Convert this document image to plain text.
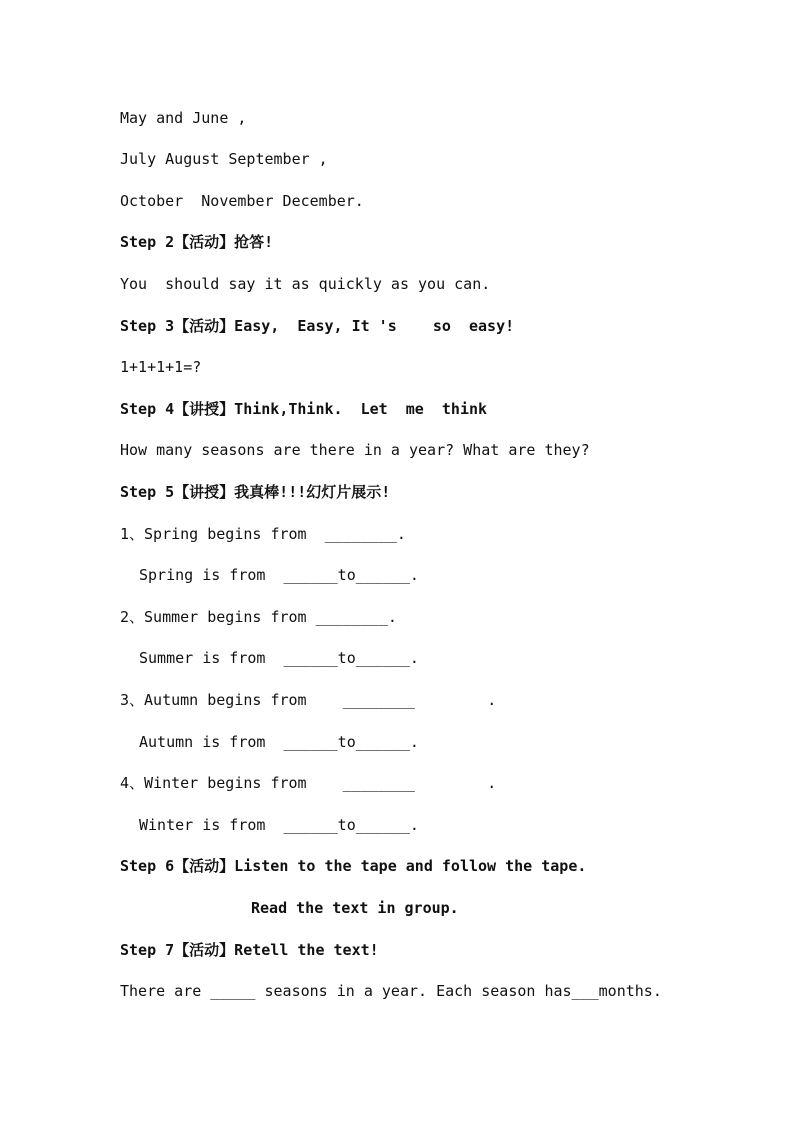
May and June ,
July August September ,
October  November December.
Step 2【活动】抢答!
You  should say it as quickly as you can.
Step 3【活动】Easy,  Easy, It 's    so  easy!
1+1+1+1=?
Step 4【讲授】Think,Think.  Let  me  think
How many seasons are there in a year? What are they?
Step 5【讲授】我真棒!!!幻灯片展示!
1、Spring begins from  ________.
Spring is from  ______to______.
2、Summer begins from ________.
Summer is from  ______to______.
3、Autumn begins from    ________        .
Autumn is from  ______to______.
4、Winter begins from    ________        .
Winter is from  ______to______.
Step 6【活动】Listen to the tape and follow the tape.
Read the text in group.
Step 7【活动】Retell the text!
There are _____ seasons in a year. Each season has___months.
